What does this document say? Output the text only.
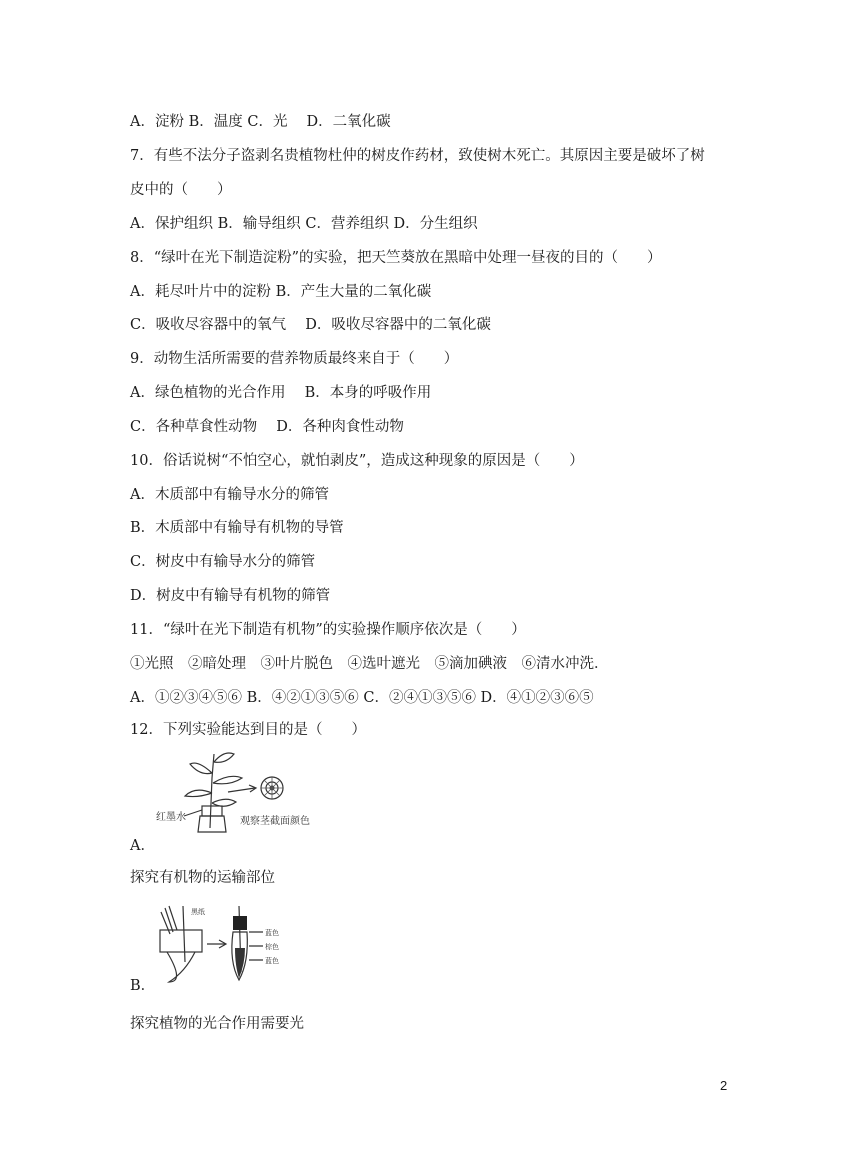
A．淀粉 B．温度 C．光　 D．二氧化碳
7．有些不法分子盗剥名贵植物杜仲的树皮作药材，致使树木死亡。其原因主要是破坏了树
皮中的（　　）
A．保护组织 B．输导组织 C．营养组织 D．分生组织
8．“绿叶在光下制造淀粉”的实验，把天竺葵放在黑暗中处理一昼夜的目的（　　）
A．耗尽叶片中的淀粉 B．产生大量的二氧化碳
C．吸收尽容器中的氧气　 D．吸收尽容器中的二氧化碳
9．动物生活所需要的营养物质最终来自于（　　）
A．绿色植物的光合作用　 B．本身的呼吸作用
C．各种草食性动物　 D．各种肉食性动物
10．俗话说树“不怕空心，就怕剥皮”，造成这种现象的原因是（　　）
A．木质部中有输导水分的筛管
B．木质部中有输导有机物的导管
C．树皮中有输导水分的筛管
D．树皮中有输导有机物的筛管
11．“绿叶在光下制造有机物”的实验操作顺序依次是（　　）
①光照　②暗处理　③叶片脱色　④选叶遮光　⑤滴加碘液　⑥清水冲洗．
A．①②③④⑤⑥ B．④②①③⑤⑥ C．②④①③⑤⑥ D．④①②③⑥⑤
12．下列实验能达到目的是（　　）
红墨水	观察茎截面颜色
A．
探究有机物的运输部位
黑纸
蓝色
棕色
蓝色
B．
探究植物的光合作用需要光
2
